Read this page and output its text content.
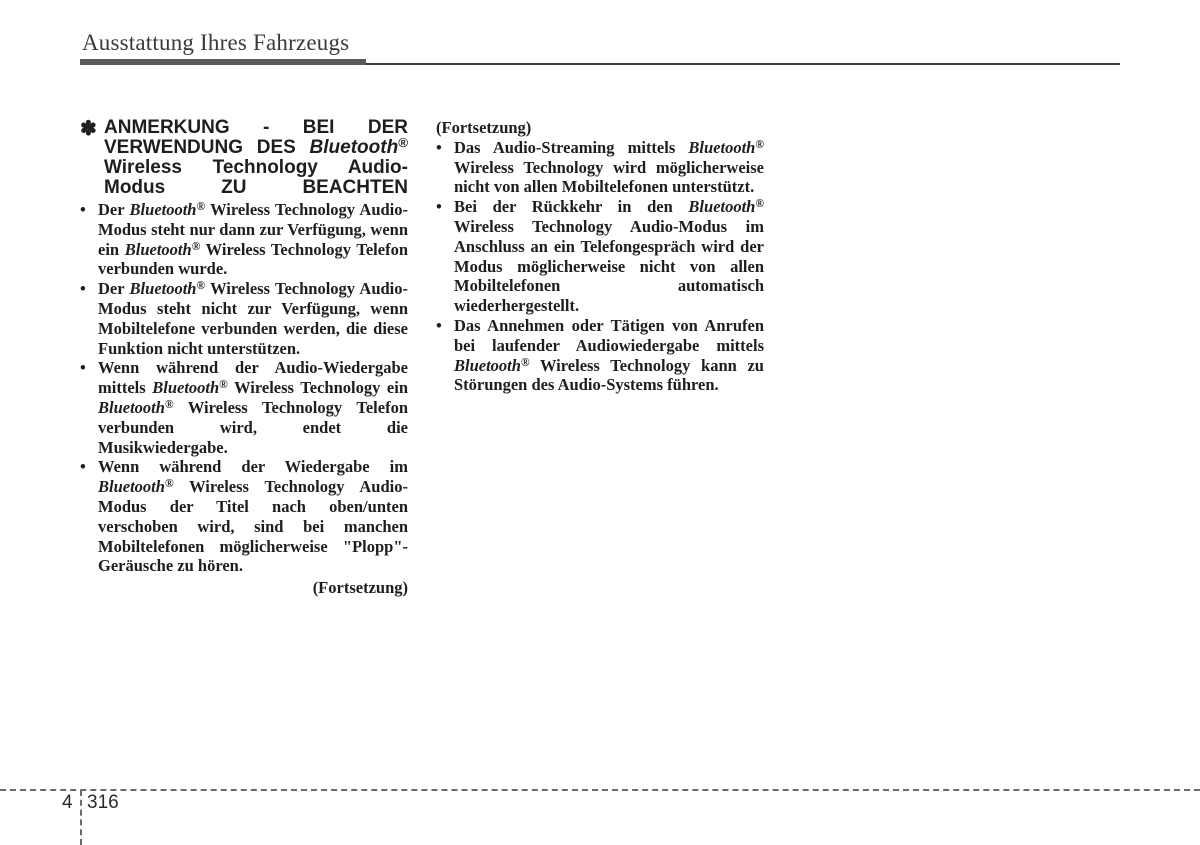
Ausstattung Ihres Fahrzeugs
✽ ANMERKUNG - BEI DER VERWENDUNG DES Bluetooth® Wireless Technology Audio-Modus ZU BEACHTEN
• Der Bluetooth® Wireless Technology Audio-Modus steht nur dann zur Verfügung, wenn ein Bluetooth® Wireless Technology Telefon verbunden wurde.
• Der Bluetooth® Wireless Technology Audio-Modus steht nicht zur Verfügung, wenn Mobiltelefone verbunden werden, die diese Funktion nicht unterstützen.
• Wenn während der Audio-Wiedergabe mittels Bluetooth® Wireless Technology ein Bluetooth® Wireless Technology Telefon verbunden wird, endet die Musikwiedergabe.
• Wenn während der Wiedergabe im Bluetooth® Wireless Technology Audio-Modus der Titel nach oben/unten verschoben wird, sind bei manchen Mobiltelefonen möglicherweise "Plopp"-Geräusche zu hören.
(Fortsetzung)
(Fortsetzung)
• Das Audio-Streaming mittels Bluetooth® Wireless Technology wird möglicherweise nicht von allen Mobiltelefonen unterstützt.
• Bei der Rückkehr in den Bluetooth® Wireless Technology Audio-Modus im Anschluss an ein Telefongespräch wird der Modus möglicherweise nicht von allen Mobiltelefonen automatisch wiederhergestellt.
• Das Annehmen oder Tätigen von Anrufen bei laufender Audiowiedergabe mittels Bluetooth® Wireless Technology kann zu Störungen des Audio-Systems führen.
4 316
